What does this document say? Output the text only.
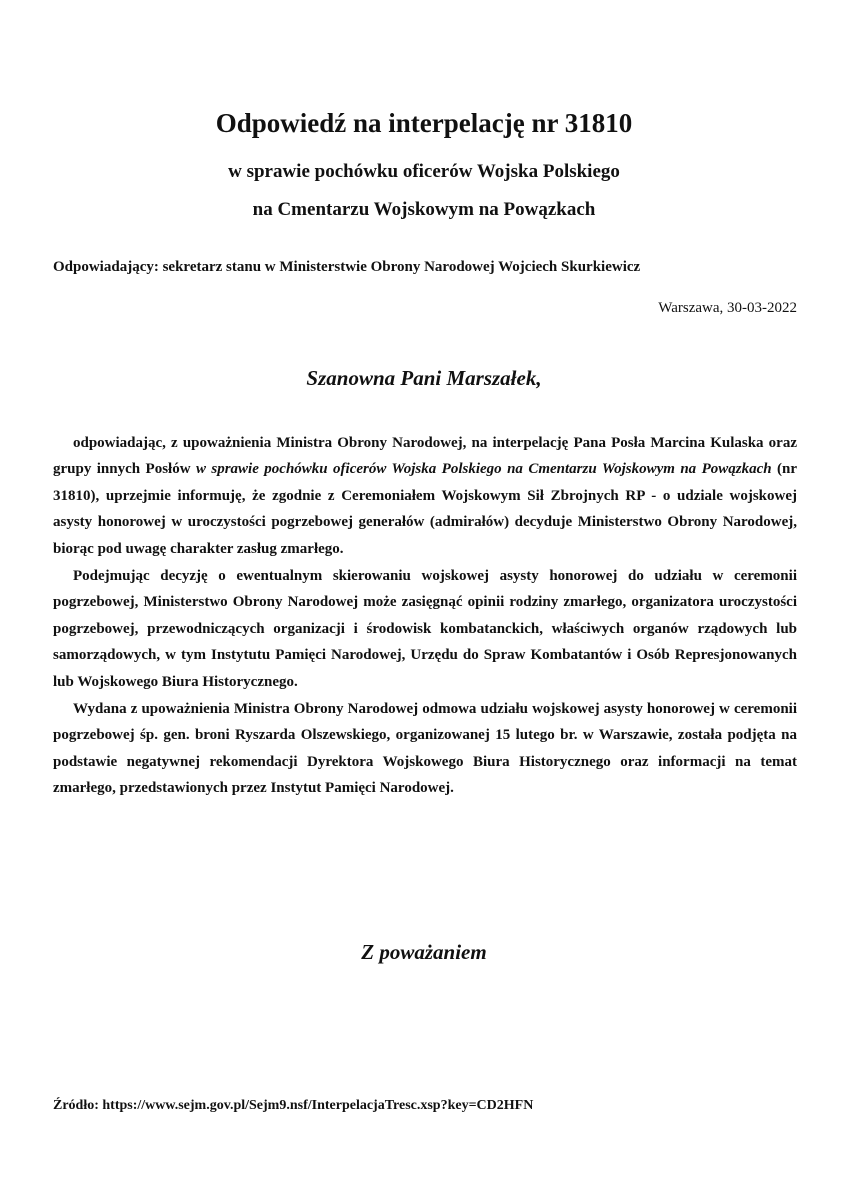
Odpowiedź na interpelację nr 31810
w sprawie pochówku oficerów Wojska Polskiego
na Cmentarzu Wojskowym na Powązkach
Odpowiadający: sekretarz stanu w Ministerstwie Obrony Narodowej Wojciech Skurkiewicz
Warszawa, 30-03-2022
Szanowna Pani Marszałek,

odpowiadając, z upoważnienia Ministra Obrony Narodowej, na interpelację Pana Posła Marcina Kulaska oraz grupy innych Posłów w sprawie pochówku oficerów Wojska Polskiego na Cmentarzu Wojskowym na Powązkach (nr 31810), uprzejmie informuję, że zgodnie z Ceremoniałem Wojskowym Sił Zbrojnych RP - o udziale wojskowej asysty honorowej w uroczystości pogrzebowej generałów (admirałów) decyduje Ministerstwo Obrony Narodowej, biorąc pod uwagę charakter zasług zmarłego.

Podejmując decyzję o ewentualnym skierowaniu wojskowej asysty honorowej do udziału w ceremonii pogrzebowej, Ministerstwo Obrony Narodowej może zasięgnąć opinii rodziny zmarłego, organizatora uroczystości pogrzebowej, przewodniczących organizacji i środowisk kombatanckich, właściwych organów rządowych lub samorządowych, w tym Instytutu Pamięci Narodowej, Urzędu do Spraw Kombatantów i Osób Represjonowanych lub Wojskowego Biura Historycznego.

Wydana z upoważnienia Ministra Obrony Narodowej odmowa udziału wojskowej asysty honorowej w ceremonii pogrzebowej śp. gen. broni Ryszarda Olszewskiego, organizowanej 15 lutego br. w Warszawie, została podjęta na podstawie negatywnej rekomendacji Dyrektora Wojskowego Biura Historycznego oraz informacji na temat zmarłego, przedstawionych przez Instytut Pamięci Narodowej.

Z poważaniem
Źródło: https://www.sejm.gov.pl/Sejm9.nsf/InterpelacjaTresc.xsp?key=CD2HFN
